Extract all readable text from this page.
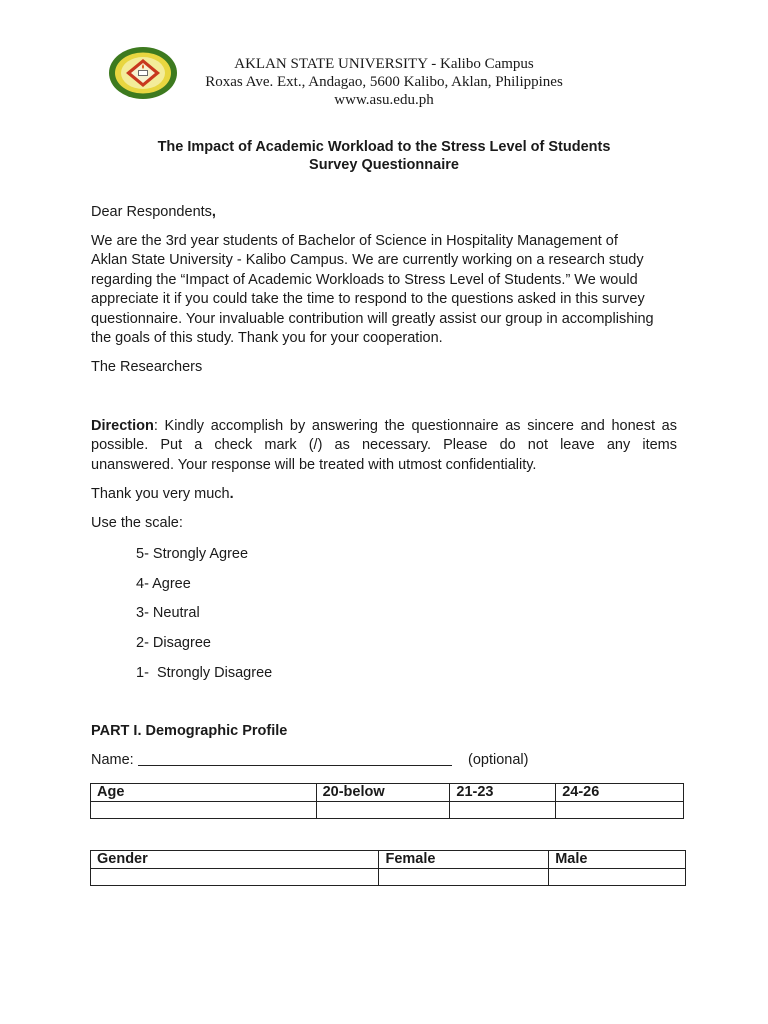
AKLAN STATE UNIVERSITY - Kalibo Campus
Roxas Ave. Ext., Andagao, 5600 Kalibo, Aklan, Philippines
www.asu.edu.ph
The Impact of Academic Workload to the Stress Level of Students
Survey Questionnaire
Dear Respondents,
We are the 3rd year students of Bachelor of Science in Hospitality Management of
Aklan State University - Kalibo Campus. We are currently working on a research study
regarding the “Impact of Academic Workloads to Stress Level of Students.” We would
appreciate it if you could take the time to respond to the questions asked in this survey
questionnaire. Your invaluable contribution will greatly assist our group in accomplishing
the goals of this study. Thank you for your cooperation.
The Researchers
Direction: Kindly accomplish by answering the questionnaire as sincere and honest as
possible. Put a check mark (/) as necessary. Please do not leave any items
unanswered. Your response will be treated with utmost confidentiality.
Thank you very much.
Use the scale:
5- Strongly Agree
4- Agree
3- Neutral
2- Disagree
1-  Strongly Disagree
PART I. Demographic Profile
Name:	(optional)
Age	20-below	21-23	24-26

Gender	Female	Male
